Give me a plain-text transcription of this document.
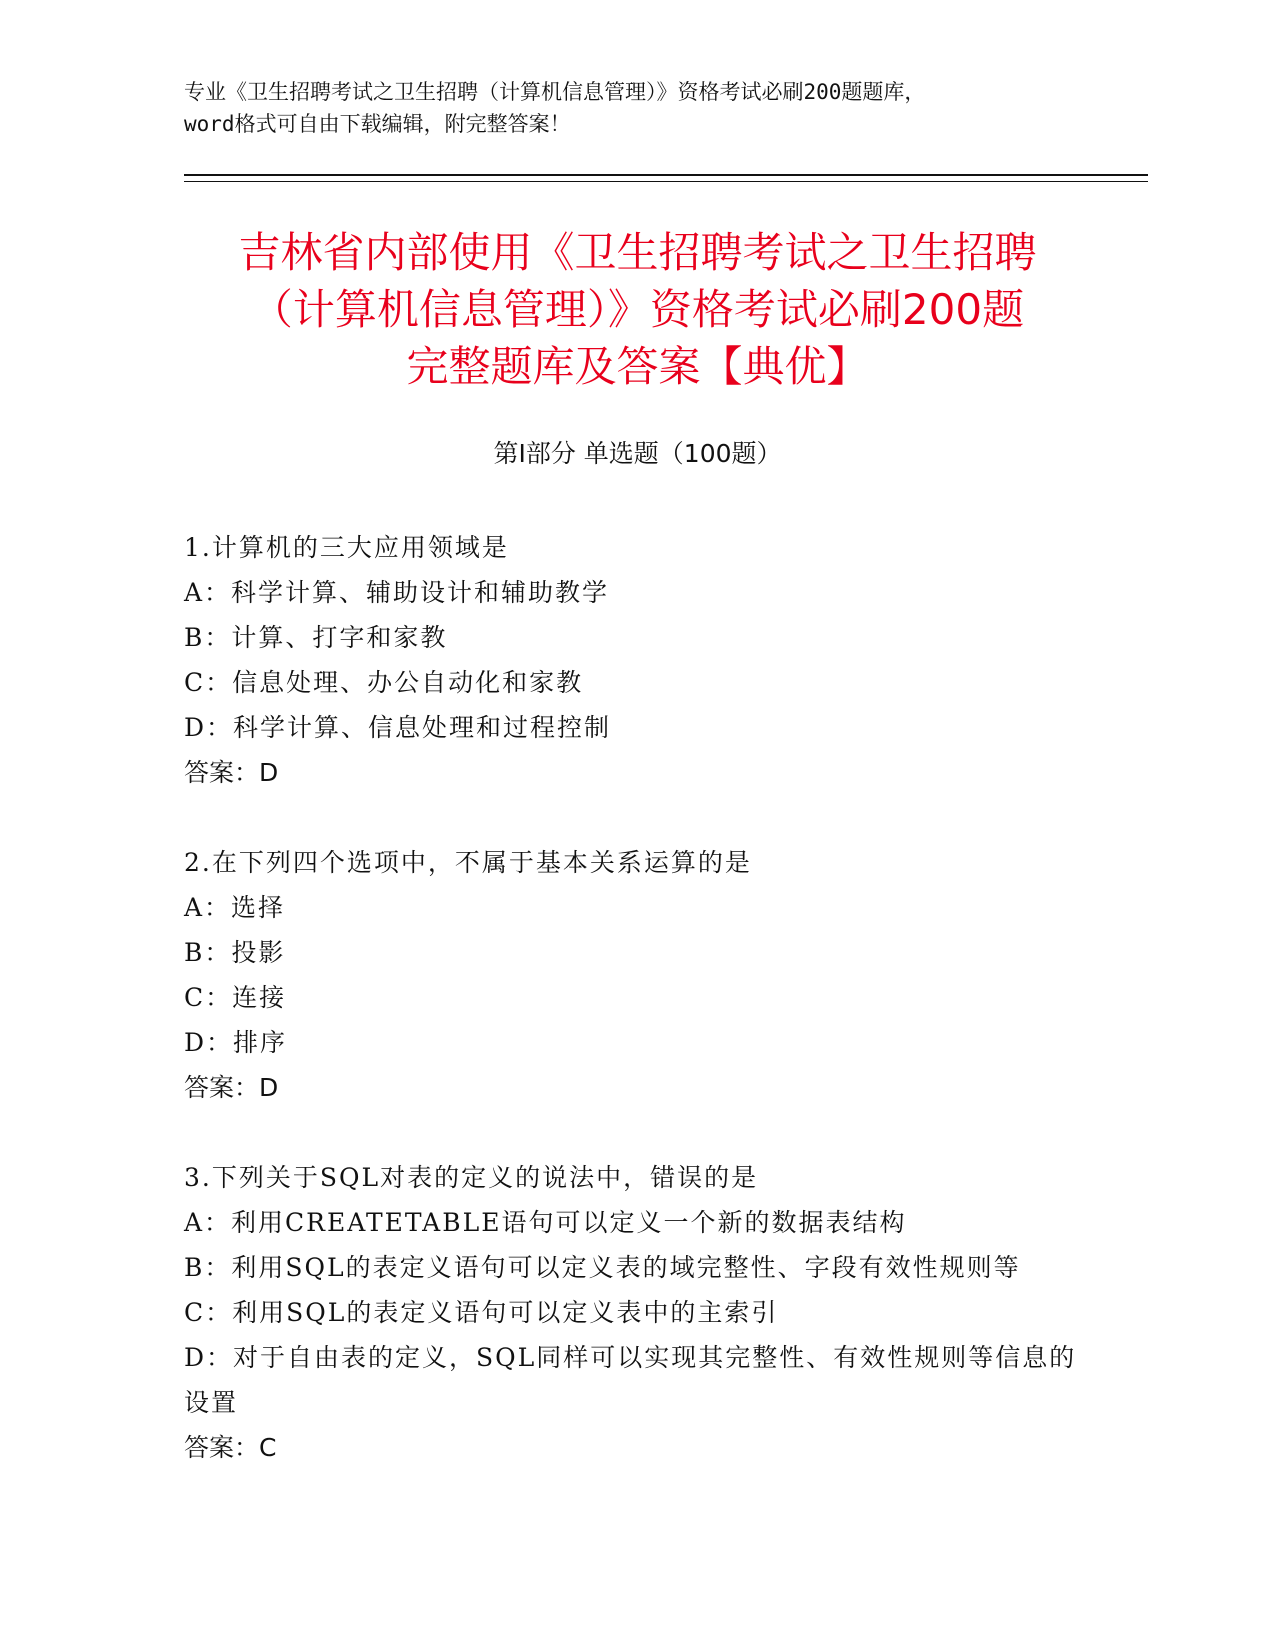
专业《卫生招聘考试之卫生招聘（计算机信息管理）》资格考试必刷200题题库，
word格式可自由下载编辑，附完整答案！
吉林省内部使用《卫生招聘考试之卫生招聘
（计算机信息管理）》资格考试必刷200题
完整题库及答案【典优】
第Ⅰ部分 单选题（100题）
1.计算机的三大应用领域是
A：科学计算、辅助设计和辅助教学
B：计算、打字和家教
C：信息处理、办公自动化和家教
D：科学计算、信息处理和过程控制
答案：D
2.在下列四个选项中，不属于基本关系运算的是
A：选择
B：投影
C：连接
D：排序
答案：D
3.下列关于SQL对表的定义的说法中，错误的是
A：利用CREATETABLE语句可以定义一个新的数据表结构
B：利用SQL的表定义语句可以定义表的域完整性、字段有效性规则等
C：利用SQL的表定义语句可以定义表中的主索引
D：对于自由表的定义，SQL同样可以实现其完整性、有效性规则等信息的设置
答案：C
